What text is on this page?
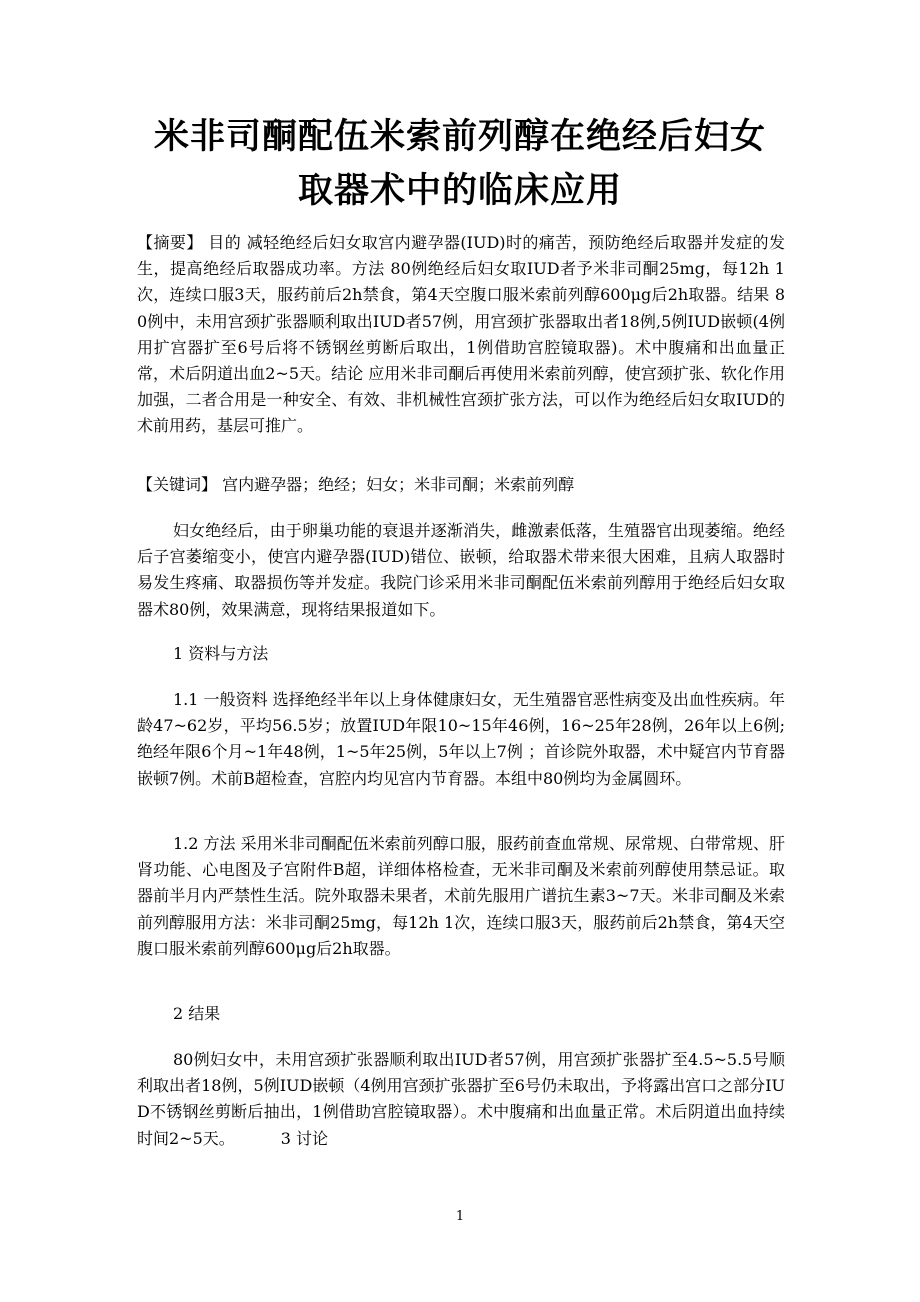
米非司酮配伍米索前列醇在绝经后妇女
取器术中的临床应用

【摘要】 目的 减轻绝经后妇女取宫内避孕器(IUD)时的痛苦，预防绝经后取器并发症的发生，提高绝经后取器成功率。方法 80例绝经后妇女取IUD者予米非司酮25mg，每12h 1次，连续口服3天，服药前后2h禁食，第4天空腹口服米索前列醇600μg后2h取器。结果 80例中，未用宫颈扩张器顺利取出IUD者57例，用宫颈扩张器取出者18例,5例IUD嵌顿(4例用扩宫器扩至6号后将不锈钢丝剪断后取出，1例借助宫腔镜取器)。术中腹痛和出血量正常，术后阴道出血2~5天。结论 应用米非司酮后再使用米索前列醇，使宫颈扩张、软化作用加强，二者合用是一种安全、有效、非机械性宫颈扩张方法，可以作为绝经后妇女取IUD的术前用药，基层可推广。

【关键词】 宫内避孕器；绝经；妇女；米非司酮；米索前列醇

妇女绝经后，由于卵巢功能的衰退并逐渐消失，雌激素低落，生殖器官出现萎缩。绝经后子宫萎缩变小，使宫内避孕器(IUD)错位、嵌顿，给取器术带来很大困难，且病人取器时易发生疼痛、取器损伤等并发症。我院门诊采用米非司酮配伍米索前列醇用于绝经后妇女取器术80例，效果满意，现将结果报道如下。

1 资料与方法

1.1 一般资料 选择绝经半年以上身体健康妇女，无生殖器官恶性病变及出血性疾病。年龄47~62岁，平均56.5岁；放置IUD年限10~15年46例，16~25年28例，26年以上6例;绝经年限6个月~1年48例，1~5年25例，5年以上7例 ；首诊院外取器，术中疑宫内节育器嵌顿7例。术前B超检查，宫腔内均见宫内节育器。本组中80例均为金属圆环。

1.2 方法 采用米非司酮配伍米索前列醇口服，服药前查血常规、尿常规、白带常规、肝肾功能、心电图及子宫附件B超，详细体格检查，无米非司酮及米索前列醇使用禁忌证。取器前半月内严禁性生活。院外取器未果者，术前先服用广谱抗生素3~7天。米非司酮及米索前列醇服用方法：米非司酮25mg，每12h 1次，连续口服3天，服药前后2h禁食，第4天空腹口服米索前列醇600μg后2h取器。

2 结果

80例妇女中，未用宫颈扩张器顺利取出IUD者57例，用宫颈扩张器扩至4.5~5.5号顺利取出者18例，5例IUD嵌顿（4例用宫颈扩张器扩至6号仍未取出，予将露出宫口之部分IUD不锈钢丝剪断后抽出，1例借助宫腔镜取器）。术中腹痛和出血量正常。术后阴道出血持续时间2~5天。	3 讨论

1
